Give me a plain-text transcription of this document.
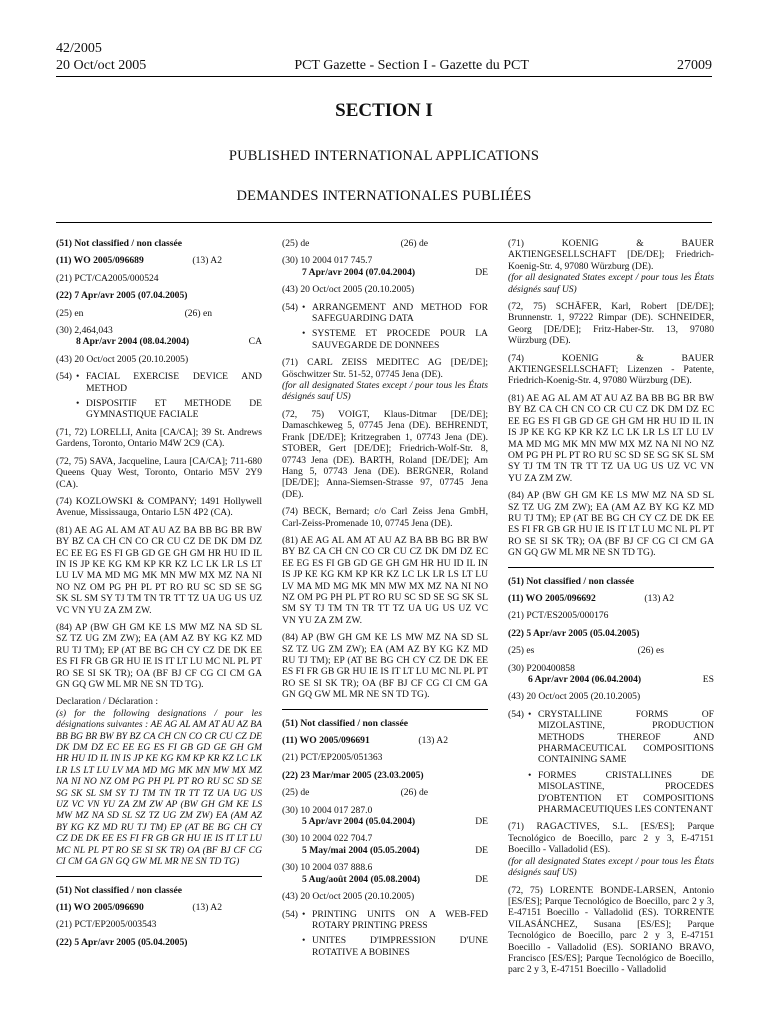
42/2005
20 Oct/oct 2005	PCT Gazette - Section I - Gazette du PCT	27009
SECTION I
PUBLISHED INTERNATIONAL APPLICATIONS
DEMANDES INTERNATIONALES PUBLIÉES

(51) Not classified / non classée

(11) WO 2005/096689	(13) A2

(21) PCT/CA2005/000524

(22) 7 Apr/avr 2005 (07.04.2005)

(25) en	(26) en

(30) 2,464,043

8 Apr/avr 2004 (08.04.2004)	CA

(43) 20 Oct/oct 2005 (20.10.2005)

(54) • FACIAL EXERCISE DEVICE AND METHOD
• DISPOSITIF ET METHODE DE GYMNASTIQUE FACIALE

(71, 72) LORELLI, Anita [CA/CA]; 39 St. Andrews Gardens, Toronto, Ontario M4W 2C9 (CA).

(72, 75) SAVA, Jacqueline, Laura [CA/CA]; 711-680 Queens Quay West, Toronto, Ontario M5V 2Y9 (CA).

(74) KOZLOWSKI & COMPANY; 1491 Hollywell Avenue, Mississauga, Ontario L5N 4P2 (CA).

(81) AE AG AL AM AT AU AZ BA BB BG BR BW BY BZ CA CH CN CO CR CU CZ DE DK DM DZ EC EE EG ES FI GB GD GE GH GM HR HU ID IL IN IS JP KE KG KM KP KR KZ LC LK LR LS LT LU LV MA MD MG MK MN MW MX MZ NA NI NO NZ OM PG PH PL PT RO RU SC SD SE SG SK SL SM SY TJ TM TN TR TT TZ UA UG US UZ VC VN YU ZA ZM ZW.

(84) AP (BW GH GM KE LS MW MZ NA SD SL SZ TZ UG ZM ZW); EA (AM AZ BY KG KZ MD RU TJ TM); EP (AT BE BG CH CY CZ DE DK EE ES FI FR GB GR HU IE IS IT LT LU MC NL PL PT RO SE SI SK TR); OA (BF BJ CF CG CI CM GA GN GQ GW ML MR NE SN TD TG).

Declaration / Déclaration :

(s) for the following designations / pour les désignations suivantes : AE AG AL AM AT AU AZ BA BB BG BR BW BY BZ CA CH CN CO CR CU CZ DE DK DM DZ EC EE EG ES FI GB GD GE GH GM HR HU ID IL IN IS JP KE KG KM KP KR KZ LC LK LR LS LT LU LV MA MD MG MK MN MW MX MZ NA NI NO NZ OM PG PH PL PT RO RU SC SD SE SG SK SL SM SY TJ TM TN TR TT TZ UA UG US UZ VC VN YU ZA ZM ZW AP (BW GH GM KE LS MW MZ NA SD SL SZ TZ UG ZM ZW) EA (AM AZ BY KG KZ MD RU TJ TM) EP (AT BE BG CH CY CZ DE DK EE ES FI FR GB GR HU IE IS IT LT LU MC NL PL PT RO SE SI SK TR) OA (BF BJ CF CG CI CM GA GN GQ GW ML MR NE SN TD TG)

(51) Not classified / non classée

(11) WO 2005/096690	(13) A2

(21) PCT/EP2005/003543

(22) 5 Apr/avr 2005 (05.04.2005)

(25) de	(26) de

(30) 10 2004 017 745.7

7 Apr/avr 2004 (07.04.2004)	DE

(43) 20 Oct/oct 2005 (20.10.2005)

(54) • ARRANGEMENT AND METHOD FOR SAFEGUARDING DATA
• SYSTEME ET PROCEDE POUR LA SAUVEGARDE DE DONNEES

(71) CARL ZEISS MEDITEC AG [DE/DE]; Göschwitzer Str. 51-52, 07745 Jena (DE).

(for all designated States except / pour tous les États désignés sauf US)

(72, 75) VOIGT, Klaus-Ditmar [DE/DE]; Damaschkeweg 5, 07745 Jena (DE). BEHRENDT, Frank [DE/DE]; Kritzegraben 1, 07743 Jena (DE). STOBER, Gert [DE/DE]; Friedrich-Wolf-Str. 8, 07743 Jena (DE). BARTH, Roland [DE/DE]; Am Hang 5, 07743 Jena (DE). BERGNER, Roland [DE/DE]; Anna-Siemsen-Strasse 97, 07745 Jena (DE).

(74) BECK, Bernard; c/o Carl Zeiss Jena GmbH, Carl-Zeiss-Promenade 10, 07745 Jena (DE).

(81) AE AG AL AM AT AU AZ BA BB BG BR BW BY BZ CA CH CN CO CR CU CZ DK DM DZ EC EE EG ES FI GB GD GE GH GM HR HU ID IL IN IS JP KE KG KM KP KR KZ LC LK LR LS LT LU LV MA MD MG MK MN MW MX MZ NA NI NO NZ OM PG PH PL PT RO RU SC SD SE SG SK SL SM SY TJ TM TN TR TT TZ UA UG US UZ VC VN YU ZA ZM ZW.

(84) AP (BW GH GM KE LS MW MZ NA SD SL SZ TZ UG ZM ZW); EA (AM AZ BY KG KZ MD RU TJ TM); EP (AT BE BG CH CY CZ DE DK EE ES FI FR GB GR HU IE IS IT LT LU MC NL PL PT RO SE SI SK TR); OA (BF BJ CF CG CI CM GA GN GQ GW ML MR NE SN TD TG).

(51) Not classified / non classée

(11) WO 2005/096691	(13) A2

(21) PCT/EP2005/051363

(22) 23 Mar/mar 2005 (23.03.2005)

(25) de	(26) de

(30) 10 2004 017 287.0

5 Apr/avr 2004 (05.04.2004)	DE

(30) 10 2004 022 704.7

5 May/mai 2004 (05.05.2004)	DE

(30) 10 2004 037 888.6

5 Aug/août 2004 (05.08.2004)	DE

(43) 20 Oct/oct 2005 (20.10.2005)

(54) • PRINTING UNITS ON A WEB-FED ROTARY PRINTING PRESS
• UNITES D'IMPRESSION D'UNE ROTATIVE A BOBINES

(71) KOENIG & BAUER AKTIENGESELLSCHAFT [DE/DE]; Friedrich-Koenig-Str. 4, 97080 Würzburg (DE).

(for all designated States except / pour tous les États désignés sauf US)

(72, 75) SCHÄFER, Karl, Robert [DE/DE]; Brunnenstr. 1, 97222 Rimpar (DE). SCHNEIDER, Georg [DE/DE]; Fritz-Haber-Str. 13, 97080 Würzburg (DE).

(74) KOENIG & BAUER AKTIENGESELLSCHAFT; Lizenzen - Patente, Friedrich-Koenig-Str. 4, 97080 Würzburg (DE).

(81) AE AG AL AM AT AU AZ BA BB BG BR BW BY BZ CA CH CN CO CR CU CZ DK DM DZ EC EE EG ES FI GB GD GE GH GM HR HU ID IL IN IS JP KE KG KP KR KZ LC LK LR LS LT LU LV MA MD MG MK MN MW MX MZ NA NI NO NZ OM PG PH PL PT RO RU SC SD SE SG SK SL SM SY TJ TM TN TR TT TZ UA UG US UZ VC VN YU ZA ZM ZW.

(84) AP (BW GH GM KE LS MW MZ NA SD SL SZ TZ UG ZM ZW); EA (AM AZ BY KG KZ MD RU TJ TM); EP (AT BE BG CH CY CZ DE DK EE ES FI FR GB GR HU IE IS IT LT LU MC NL PL PT RO SE SI SK TR); OA (BF BJ CF CG CI CM GA GN GQ GW ML MR NE SN TD TG).

(51) Not classified / non classée

(11) WO 2005/096692	(13) A2

(21) PCT/ES2005/000176

(22) 5 Apr/avr 2005 (05.04.2005)

(25) es	(26) es

(30) P200400858

6 Apr/avr 2004 (06.04.2004)	ES

(43) 20 Oct/oct 2005 (20.10.2005)

(54) • CRYSTALLINE FORMS OF MIZOLASTINE, PRODUCTION METHODS THEREOF AND PHARMACEUTICAL COMPOSITIONS CONTAINING SAME
• FORMES CRISTALLINES DE MISOLASTINE, PROCEDES D'OBTENTION ET COMPOSITIONS PHARMACEUTIQUES LES CONTENANT

(71) RAGACTIVES, S.L. [ES/ES]; Parque Tecnológico de Boecillo, parc 2 y 3, E-47151 Boecillo - Valladolid (ES).

(for all designated States except / pour tous les États désignés sauf US)

(72, 75) LORENTE BONDE-LARSEN, Antonio [ES/ES]; Parque Tecnológico de Boecillo, parc 2 y 3, E-47151 Boecillo - Valladolid (ES). TORRENTE VILASÁNCHEZ, Susana [ES/ES]; Parque Tecnológico de Boecillo, parc 2 y 3, E-47151 Boecillo - Valladolid (ES). SORIANO BRAVO, Francisco [ES/ES]; Parque Tecnológico de Boecillo, parc 2 y 3, E-47151 Boecillo - Valladolid
